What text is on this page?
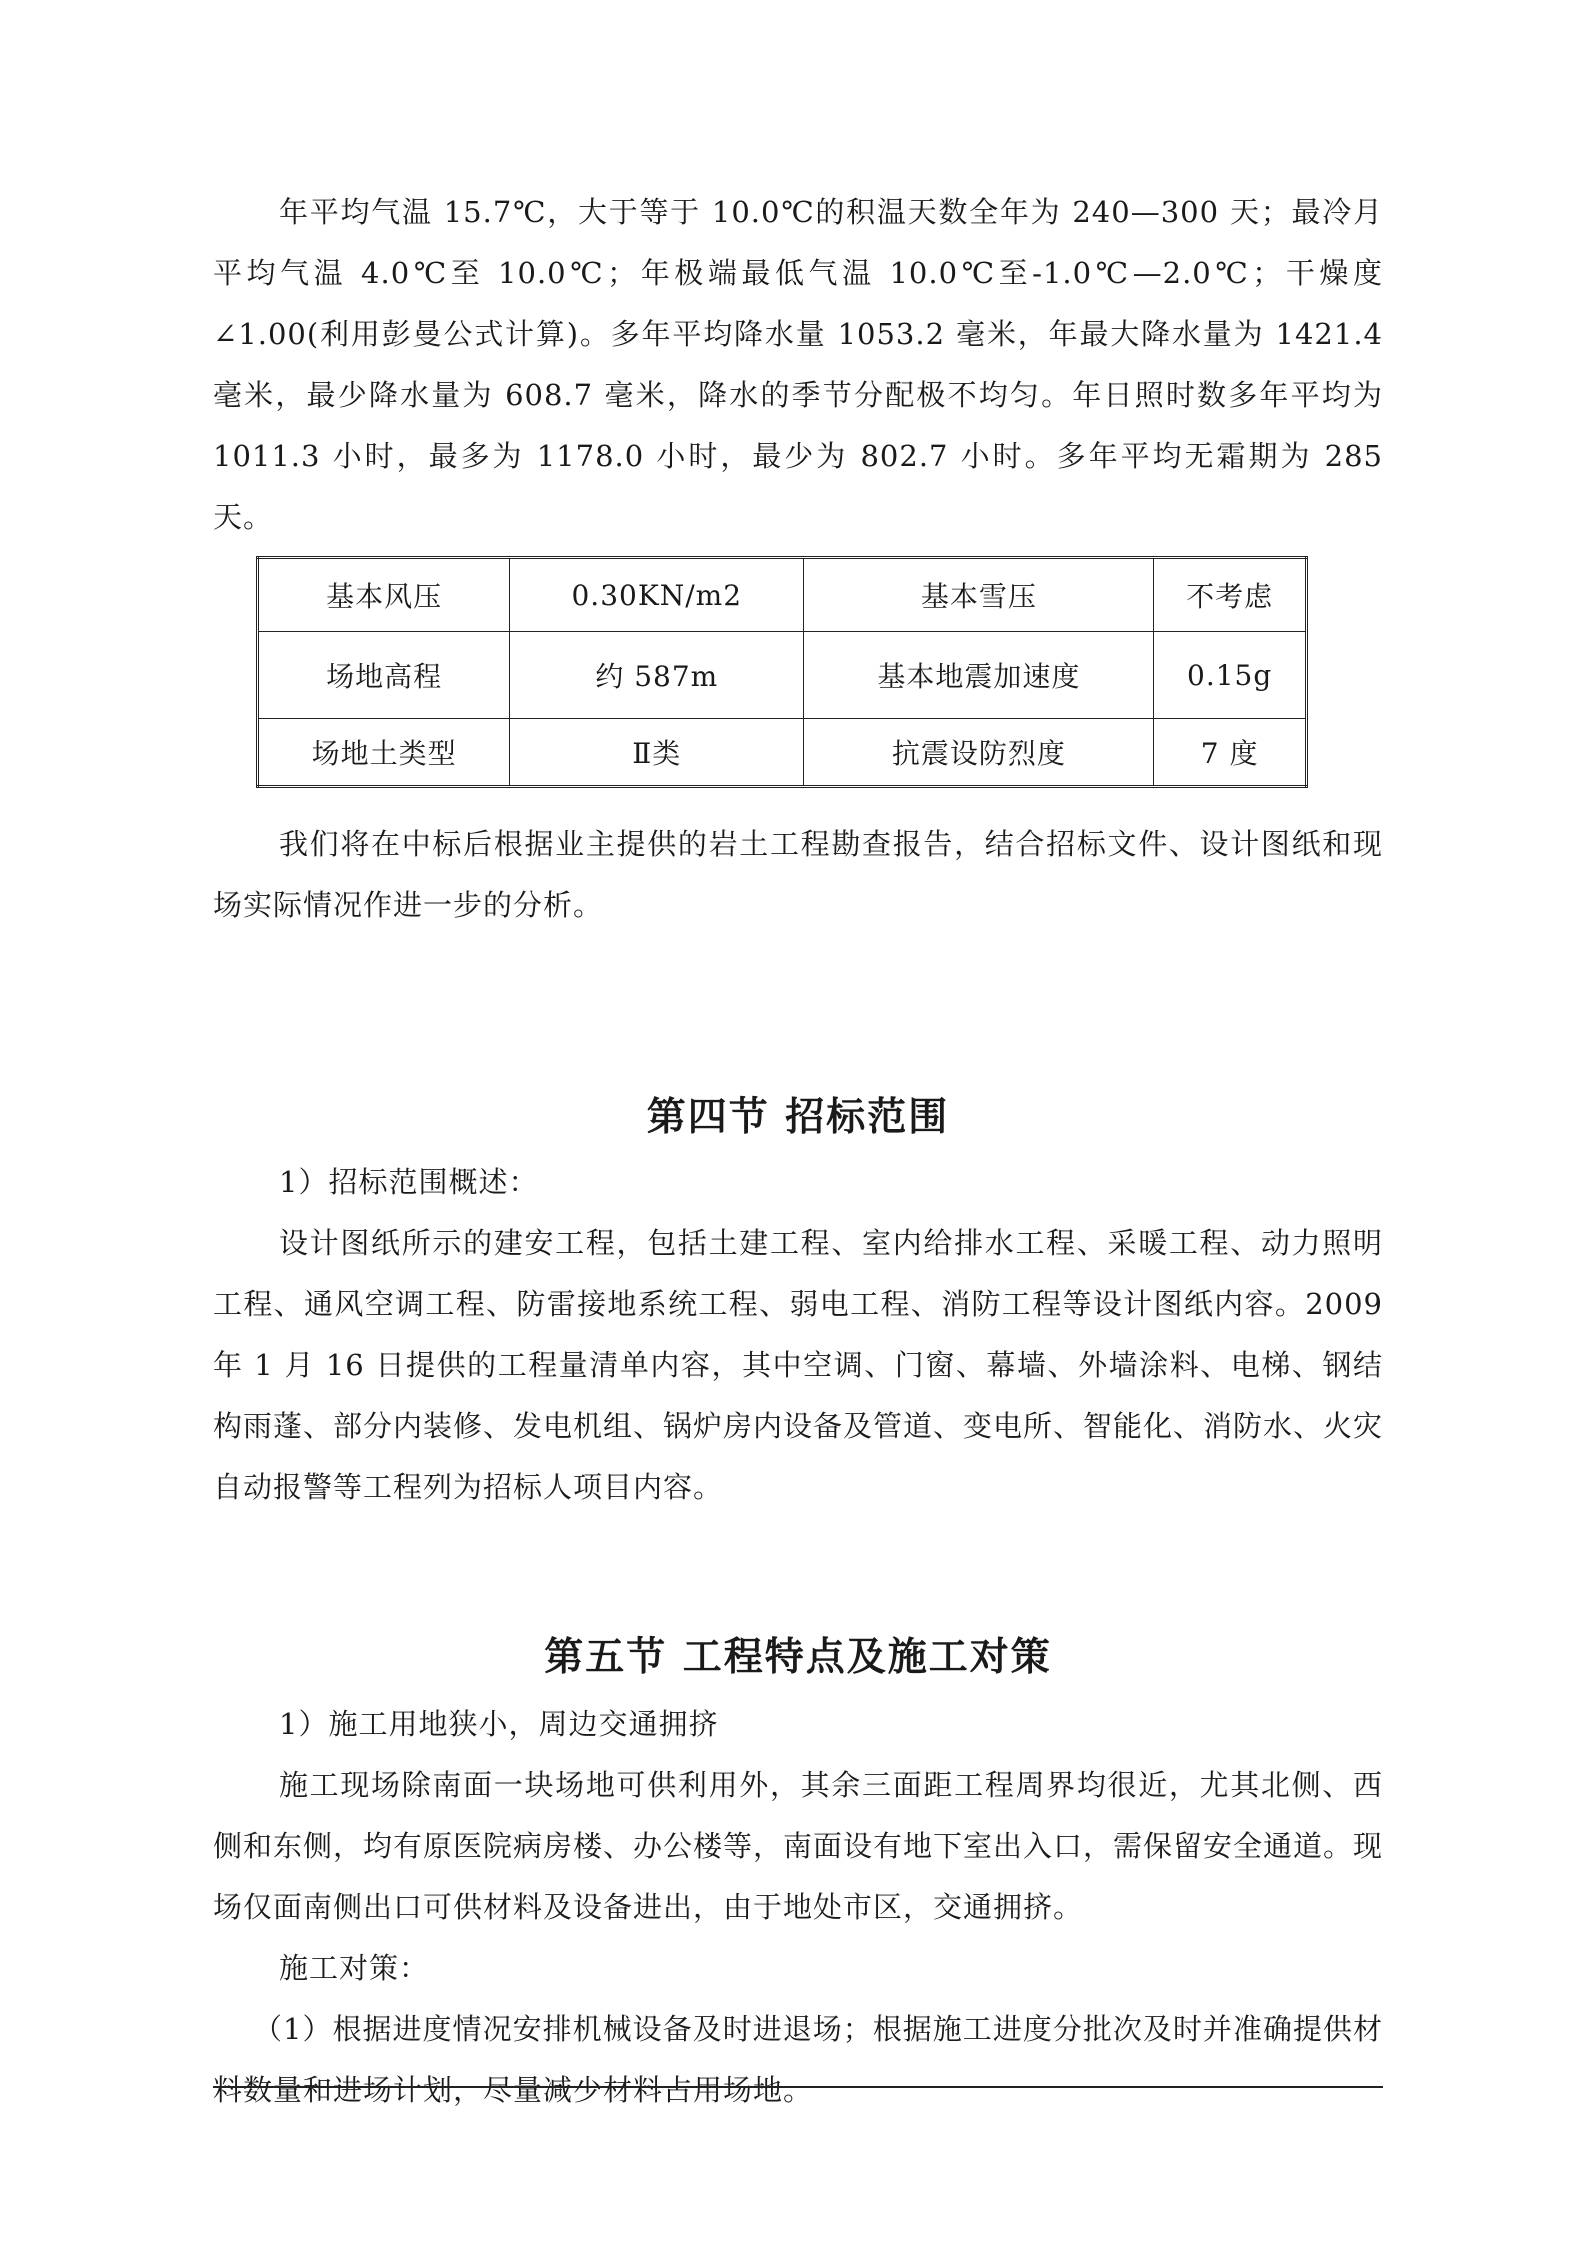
年平均气温 15.7℃，大于等于 10.0℃的积温天数全年为 240—300 天；最冷月平均气温 4.0℃至 10.0℃；年极端最低气温 10.0℃至-1.0℃—2.0℃；干燥度∠1.00(利用彭曼公式计算)。多年平均降水量 1053.2 毫米，年最大降水量为 1421.4 毫米，最少降水量为 608.7 毫米，降水的季节分配极不均匀。年日照时数多年平均为 1011.3 小时，最多为 1178.0 小时，最少为 802.7 小时。多年平均无霜期为 285 天。

基本风压	0.30KN/m2	基本雪压	不考虑
场地高程	约 587m	基本地震加速度	0.15g
场地土类型	Ⅱ类	抗震设防烈度	7 度

我们将在中标后根据业主提供的岩土工程勘查报告，结合招标文件、设计图纸和现场实际情况作进一步的分析。

第四节 招标范围

1）招标范围概述：

设计图纸所示的建安工程，包括土建工程、室内给排水工程、采暖工程、动力照明工程、通风空调工程、防雷接地系统工程、弱电工程、消防工程等设计图纸内容。2009 年 1 月 16 日提供的工程量清单内容，其中空调、门窗、幕墙、外墙涂料、电梯、钢结构雨蓬、部分内装修、发电机组、锅炉房内设备及管道、变电所、智能化、消防水、火灾自动报警等工程列为招标人项目内容。

第五节 工程特点及施工对策

1）施工用地狭小，周边交通拥挤

施工现场除南面一块场地可供利用外，其余三面距工程周界均很近，尤其北侧、西侧和东侧，均有原医院病房楼、办公楼等，南面设有地下室出入口，需保留安全通道。现场仅面南侧出口可供材料及设备进出，由于地处市区，交通拥挤。

施工对策：

（1）根据进度情况安排机械设备及时进退场；根据施工进度分批次及时并准确提供材料数量和进场计划，尽量减少材料占用场地。
